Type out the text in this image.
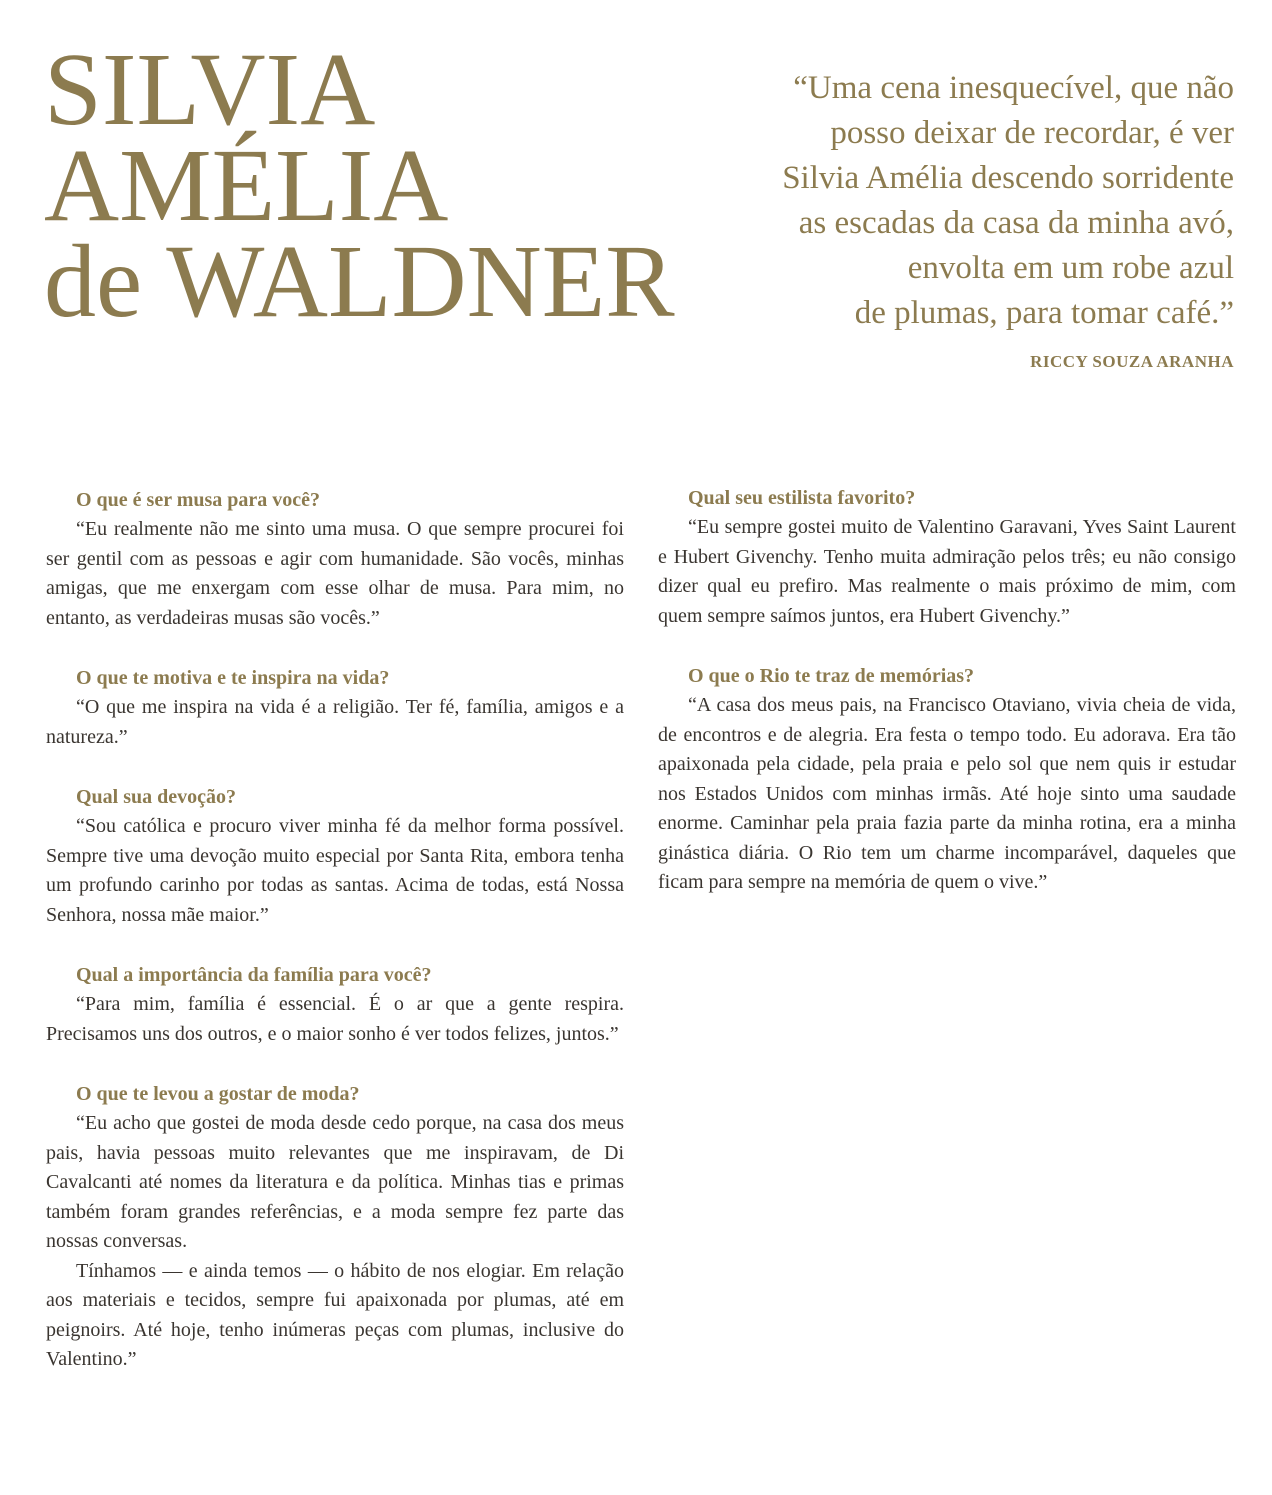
SILVIA
AMÉLIA
de WALDNER
“Uma cena inesquecível, que não
posso deixar de recordar, é ver
Silvia Amélia descendo sorridente
as escadas da casa da minha avó,
envolta em um robe azul
de plumas, para tomar café.”
RICCY SOUZA ARANHA

O que é ser musa para você?

“Eu realmente não me sinto uma musa. O que sempre procurei foi ser gentil com as pessoas e agir com humanidade. São vocês, minhas amigas, que me enxergam com esse olhar de musa. Para mim, no entanto, as verdadeiras musas são vocês.”

O que te motiva e te inspira na vida?

“O que me inspira na vida é a religião. Ter fé, família, amigos e a natureza.”

Qual sua devoção?

“Sou católica e procuro viver minha fé da melhor forma possível. Sempre tive uma devoção muito especial por Santa Rita, embora tenha um profundo carinho por todas as santas. Acima de todas, está Nossa Senhora, nossa mãe maior.”

Qual a importância da família para você?

“Para mim, família é essencial. É o ar que a gente respira. Precisamos uns dos outros, e o maior sonho é ver todos felizes, juntos.”

O que te levou a gostar de moda?

“Eu acho que gostei de moda desde cedo porque, na casa dos meus pais, havia pessoas muito relevantes que me inspiravam, de Di Cavalcanti até nomes da literatura e da política. Minhas tias e primas também foram grandes referências, e a moda sempre fez parte das nossas conversas.

Tínhamos — e ainda temos — o hábito de nos elogiar. Em relação aos materiais e tecidos, sempre fui apaixonada por plumas, até em peignoirs. Até hoje, tenho inúmeras peças com plumas, inclusive do Valentino.”

Qual seu estilista favorito?

“Eu sempre gostei muito de Valentino Garavani, Yves Saint Laurent e Hubert Givenchy. Tenho muita admiração pelos três; eu não consigo dizer qual eu prefiro. Mas realmente o mais próximo de mim, com quem sempre saímos juntos, era Hubert Givenchy.”

O que o Rio te traz de memórias?

“A casa dos meus pais, na Francisco Otaviano, vivia cheia de vida, de encontros e de alegria. Era festa o tempo todo. Eu adorava. Era tão apaixonada pela cidade, pela praia e pelo sol que nem quis ir estudar nos Estados Unidos com minhas irmãs. Até hoje sinto uma saudade enorme. Caminhar pela praia fazia parte da minha rotina, era a minha ginástica diária. O Rio tem um charme incomparável, daqueles que ficam para sempre na memória de quem o vive.”
